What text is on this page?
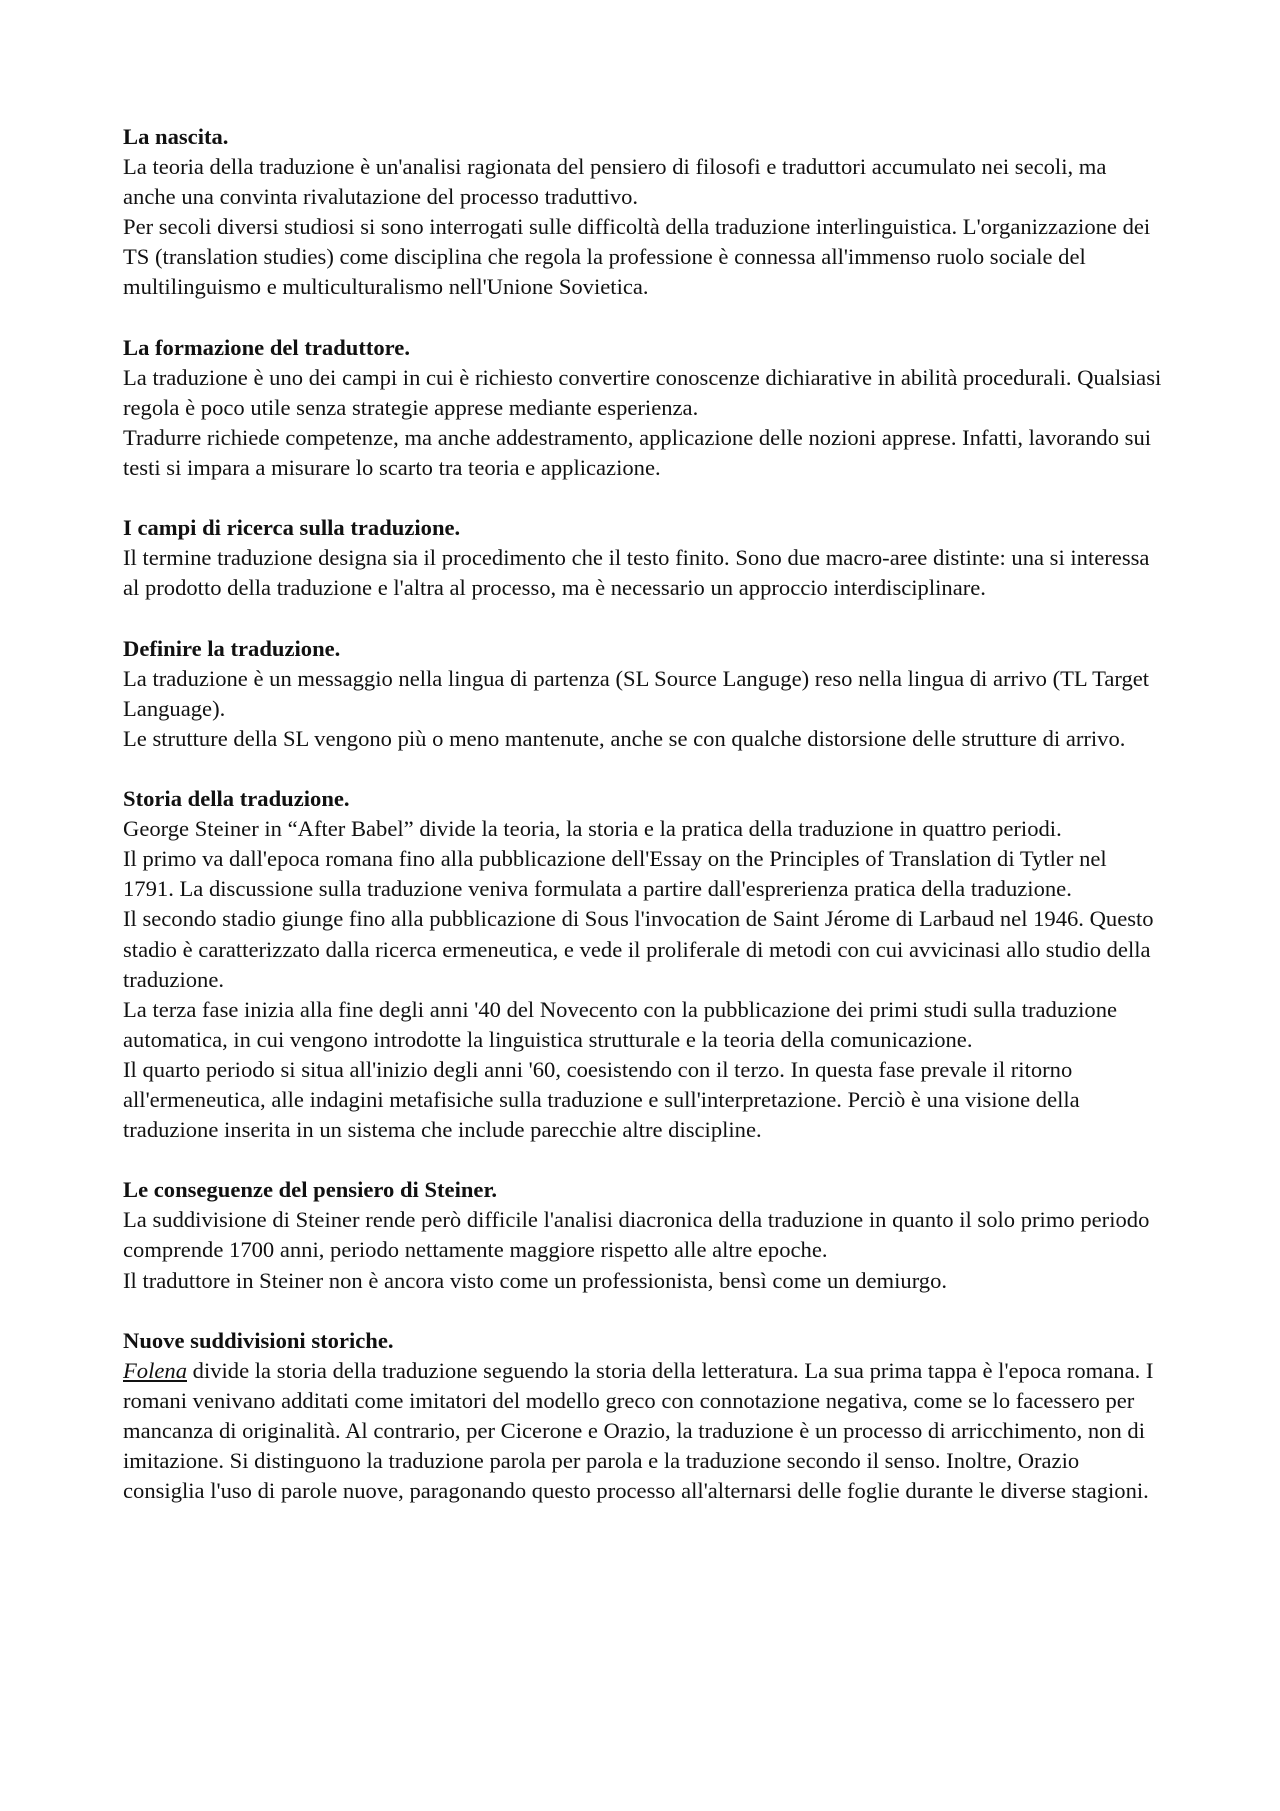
La nascita.

La teoria della traduzione è un'analisi ragionata del pensiero di filosofi e traduttori accumulato nei secoli, ma anche una convinta rivalutazione del processo traduttivo.

Per secoli diversi studiosi si sono interrogati sulle difficoltà della traduzione interlinguistica. L'organizzazione dei TS (translation studies) come disciplina che regola la professione è connessa all'immenso ruolo sociale del multilinguismo e multiculturalismo nell'Unione Sovietica.

La formazione del traduttore.

La traduzione è uno dei campi in cui è richiesto convertire conoscenze dichiarative in abilità procedurali. Qualsiasi regola è poco utile senza strategie apprese mediante esperienza.

Tradurre richiede competenze, ma anche addestramento, applicazione delle nozioni apprese. Infatti, lavorando sui testi si impara a misurare lo scarto tra teoria e applicazione.

I campi di ricerca sulla traduzione.

Il termine traduzione designa sia il procedimento che il testo finito. Sono due macro-aree distinte: una si interessa al prodotto della traduzione e l'altra al processo, ma è necessario un approccio interdisciplinare.

Definire la traduzione.

La traduzione è un messaggio nella lingua di partenza (SL Source Languge) reso nella lingua di arrivo (TL Target Language).

Le strutture della SL vengono più o meno mantenute, anche se con qualche distorsione delle strutture di arrivo.

Storia della traduzione.

George Steiner in “After Babel” divide la teoria, la storia e la pratica della traduzione in quattro periodi.

Il primo va dall'epoca romana fino alla pubblicazione dell'Essay on the Principles of Translation di Tytler nel 1791. La discussione sulla traduzione veniva formulata a partire dall'esprerienza pratica della traduzione.

Il secondo stadio giunge fino alla pubblicazione di Sous l'invocation de Saint Jérome di Larbaud nel 1946. Questo stadio è caratterizzato dalla ricerca ermeneutica, e vede il proliferale di metodi con cui avvicinasi allo studio della traduzione.

La terza fase inizia alla fine degli anni '40 del Novecento con la pubblicazione dei primi studi sulla traduzione automatica, in cui vengono introdotte la linguistica strutturale e la teoria della comunicazione.

Il quarto periodo si situa all'inizio degli anni '60, coesistendo con il terzo. In questa fase prevale il ritorno all'ermeneutica, alle indagini metafisiche sulla traduzione e sull'interpretazione. Perciò è una visione della traduzione inserita in un sistema che include parecchie altre discipline.

Le conseguenze del pensiero di Steiner.

La suddivisione di Steiner rende però difficile l'analisi diacronica della traduzione in quanto il solo primo periodo comprende 1700 anni, periodo nettamente maggiore rispetto alle altre epoche.

Il traduttore in Steiner non è ancora visto come un professionista, bensì come un demiurgo.

Nuove suddivisioni storiche.

Folena divide la storia della traduzione seguendo la storia della letteratura. La sua prima tappa è l'epoca romana. I romani venivano additati come imitatori del modello greco con connotazione negativa, come se lo facessero per mancanza di originalità. Al contrario, per Cicerone e Orazio, la traduzione è un processo di arricchimento, non di imitazione. Si distinguono la traduzione parola per parola e la traduzione secondo il senso. Inoltre, Orazio consiglia l'uso di parole nuove, paragonando questo processo all'alternarsi delle foglie durante le diverse stagioni.
